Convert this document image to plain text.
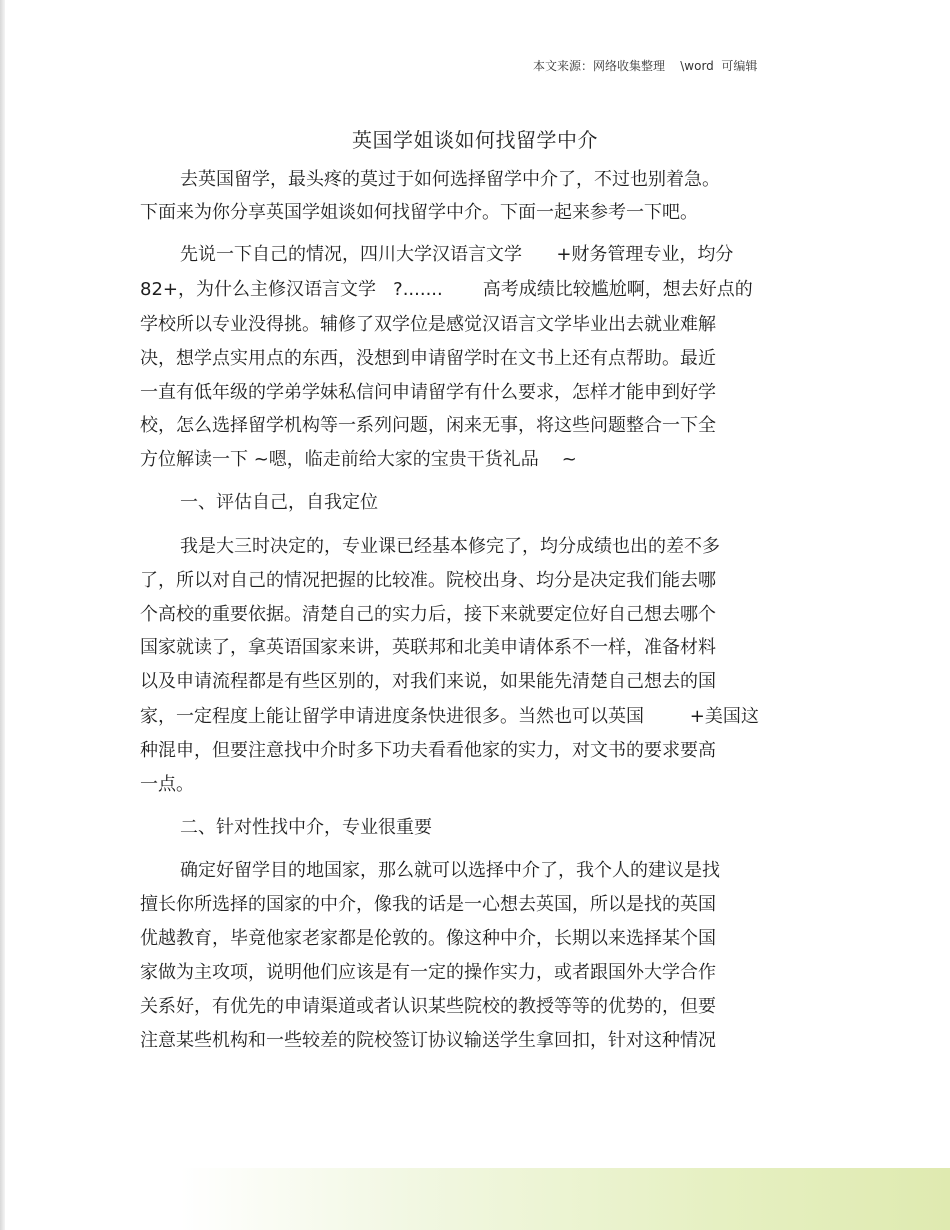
本文来源：网络收集整理    \word  可编辑
英国学姐谈如何找留学中介
去英国留学，最头疼的莫过于如何选择留学中介了，不过也别着急。
下面来为你分享英国学姐谈如何找留学中介。下面一起来参考一下吧。
先说一下自己的情况，四川大学汉语言文学      +财务管理专业，均分
82+，为什么主修汉语言文学   ?.......       高考成绩比较尴尬啊，想去好点的
学校所以专业没得挑。辅修了双学位是感觉汉语言文学毕业出去就业难解
决，想学点实用点的东西，没想到申请留学时在文书上还有点帮助。最近
一直有低年级的学弟学妹私信问申请留学有什么要求，怎样才能申到好学
校，怎么选择留学机构等一系列问题，闲来无事，将这些问题整合一下全
方位解读一下 ~嗯，临走前给大家的宝贵干货礼品    ~
一、评估自己，自我定位
我是大三时决定的，专业课已经基本修完了，均分成绩也出的差不多
了，所以对自己的情况把握的比较准。院校出身、均分是决定我们能去哪
个高校的重要依据。清楚自己的实力后，接下来就要定位好自己想去哪个
国家就读了，拿英语国家来讲，英联邦和北美申请体系不一样，准备材料
以及申请流程都是有些区别的，对我们来说，如果能先清楚自己想去的国
家，一定程度上能让留学申请进度条快进很多。当然也可以英国        +美国这
种混申，但要注意找中介时多下功夫看看他家的实力，对文书的要求要高
一点。
二、针对性找中介，专业很重要
确定好留学目的地国家，那么就可以选择中介了，我个人的建议是找
擅长你所选择的国家的中介，像我的话是一心想去英国，所以是找的英国
优越教育，毕竟他家老家都是伦敦的。像这种中介，长期以来选择某个国
家做为主攻项，说明他们应该是有一定的操作实力，或者跟国外大学合作
关系好，有优先的申请渠道或者认识某些院校的教授等等的优势的，但要
注意某些机构和一些较差的院校签订协议输送学生拿回扣，针对这种情况
